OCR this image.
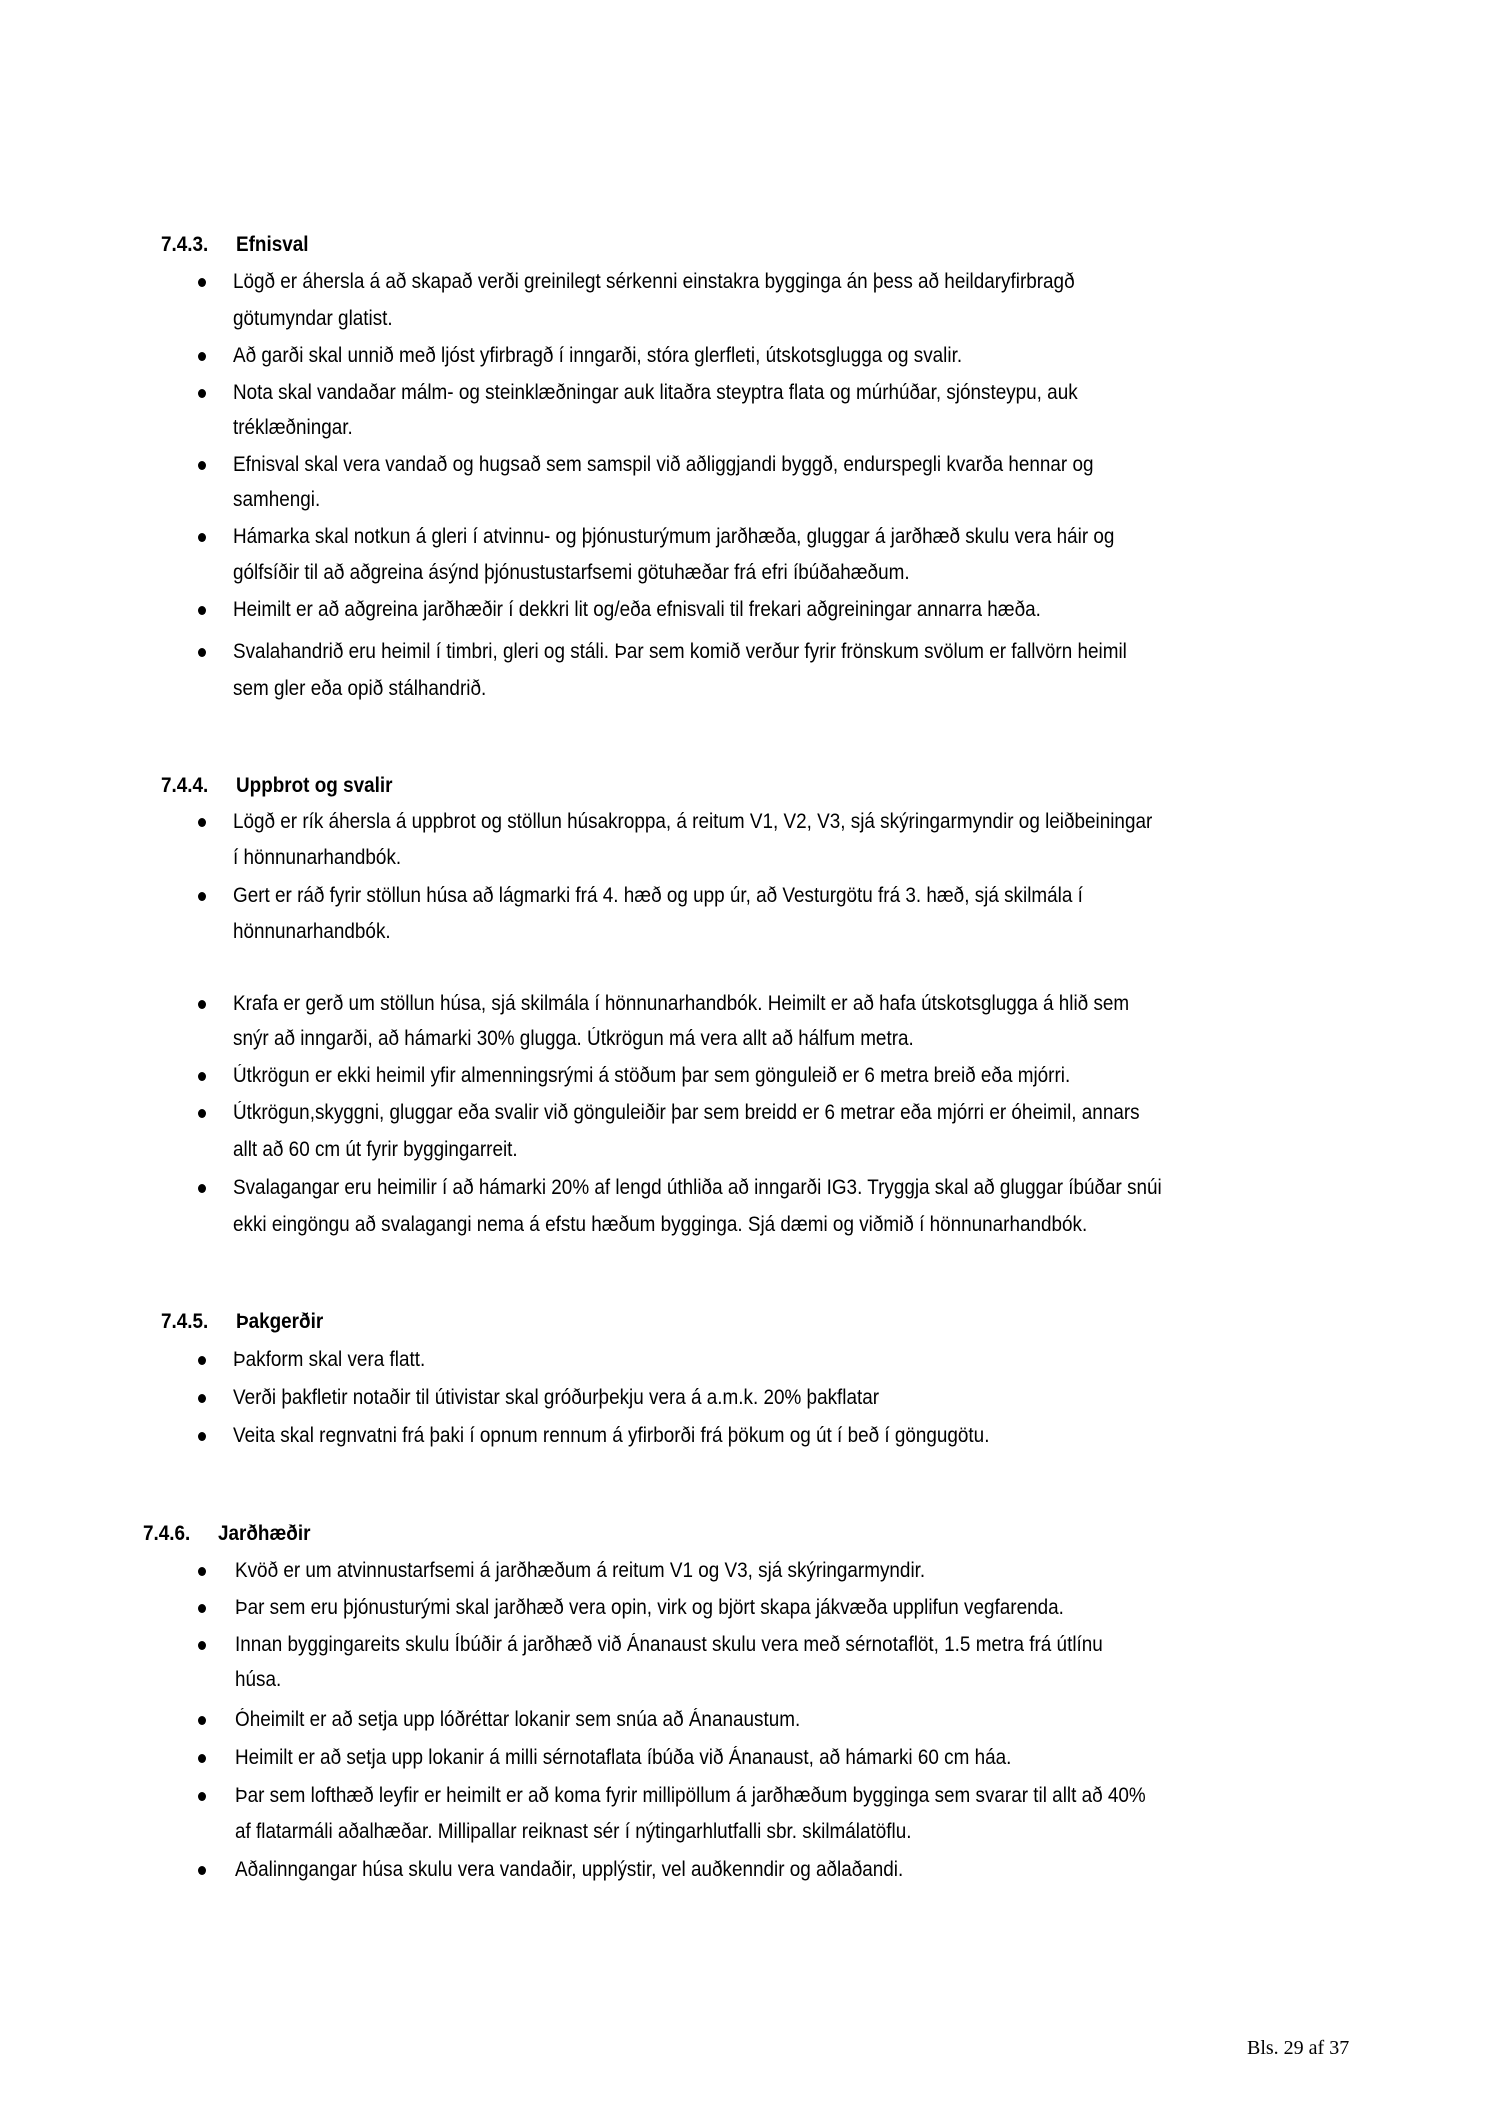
7.4.3. Efnisval
Lögð er áhersla á að skapað verði greinilegt sérkenni einstakra bygginga án þess að heildaryfirbragð
götumyndar glatist.
Að garði skal unnið með ljóst yfirbragð í inngarði, stóra glerfleti, útskotsglugga og svalir.
Nota skal vandaðar málm- og steinklæðningar auk litaðra steyptra flata og múrhúðar, sjónsteypu, auk
tréklæðningar.
Efnisval skal vera vandað og hugsað sem samspil við aðliggjandi byggð, endurspegli kvarða hennar og
samhengi.
Hámarka skal notkun á gleri í atvinnu- og þjónusturýmum jarðhæða, gluggar á jarðhæð skulu vera háir og
gólfsíðir til að aðgreina ásýnd þjónustustarfsemi götuhæðar frá efri íbúðahæðum.
Heimilt er að aðgreina jarðhæðir í dekkri lit og/eða efnisvali til frekari aðgreiningar annarra hæða.
Svalahandrið eru heimil í timbri, gleri og stáli. Þar sem komið verður fyrir frönskum svölum er fallvörn heimil
sem gler eða opið stálhandrið.
7.4.4. Uppbrot og svalir
Lögð er rík áhersla á uppbrot og stöllun húsakroppa, á reitum V1, V2, V3, sjá skýringarmyndir og leiðbeiningar
í hönnunarhandbók.
Gert er ráð fyrir stöllun húsa að lágmarki frá 4. hæð og upp úr, að Vesturgötu frá 3. hæð, sjá skilmála í
hönnunarhandbók.
Krafa er gerð um stöllun húsa, sjá skilmála í hönnunarhandbók. Heimilt er að hafa útskotsglugga á hlið sem
snýr að inngarði, að hámarki 30% glugga. Útkrögun má vera allt að hálfum metra.
Útkrögun er ekki heimil yfir almenningsrými á stöðum þar sem gönguleið er 6 metra breið eða mjórri.
Útkrögun,skyggni, gluggar eða svalir við gönguleiðir þar sem breidd er 6 metrar eða mjórri er óheimil, annars
allt að 60 cm út fyrir byggingarreit.
Svalagangar eru heimilir í að hámarki 20% af lengd úthliða að inngarði IG3. Tryggja skal að gluggar íbúðar snúi
ekki eingöngu að svalagangi nema á efstu hæðum bygginga. Sjá dæmi og viðmið í hönnunarhandbók.
7.4.5. Þakgerðir
Þakform skal vera flatt.
Verði þakfletir notaðir til útivistar skal gróðurþekju vera á a.m.k. 20% þakflatar
Veita skal regnvatni frá þaki í opnum rennum á yfirborði frá þökum og út í beð í göngugötu.
7.4.6. Jarðhæðir
Kvöð er um atvinnustarfsemi á jarðhæðum á reitum V1 og V3, sjá skýringarmyndir.
Þar sem eru þjónusturými skal jarðhæð vera opin, virk og björt skapa jákvæða upplifun vegfarenda.
Innan byggingareits skulu Íbúðir á jarðhæð við Ánanaust skulu vera með sérnotaflöt, 1.5 metra frá útlínu
húsa.
Óheimilt er að setja upp lóðréttar lokanir sem snúa að Ánanaustum.
Heimilt er að setja upp lokanir á milli sérnotaflata íbúða við Ánanaust, að hámarki 60 cm háa.
Þar sem lofthæð leyfir er heimilt er að koma fyrir millipöllum á jarðhæðum bygginga sem svarar til allt að 40%
af flatarmáli aðalhæðar. Millipallar reiknast sér í nýtingarhlutfalli sbr. skilmálatöflu.
Aðalinngangar húsa skulu vera vandaðir, upplýstir, vel auðkenndir og aðlaðandi.
Bls. 29 af 37
